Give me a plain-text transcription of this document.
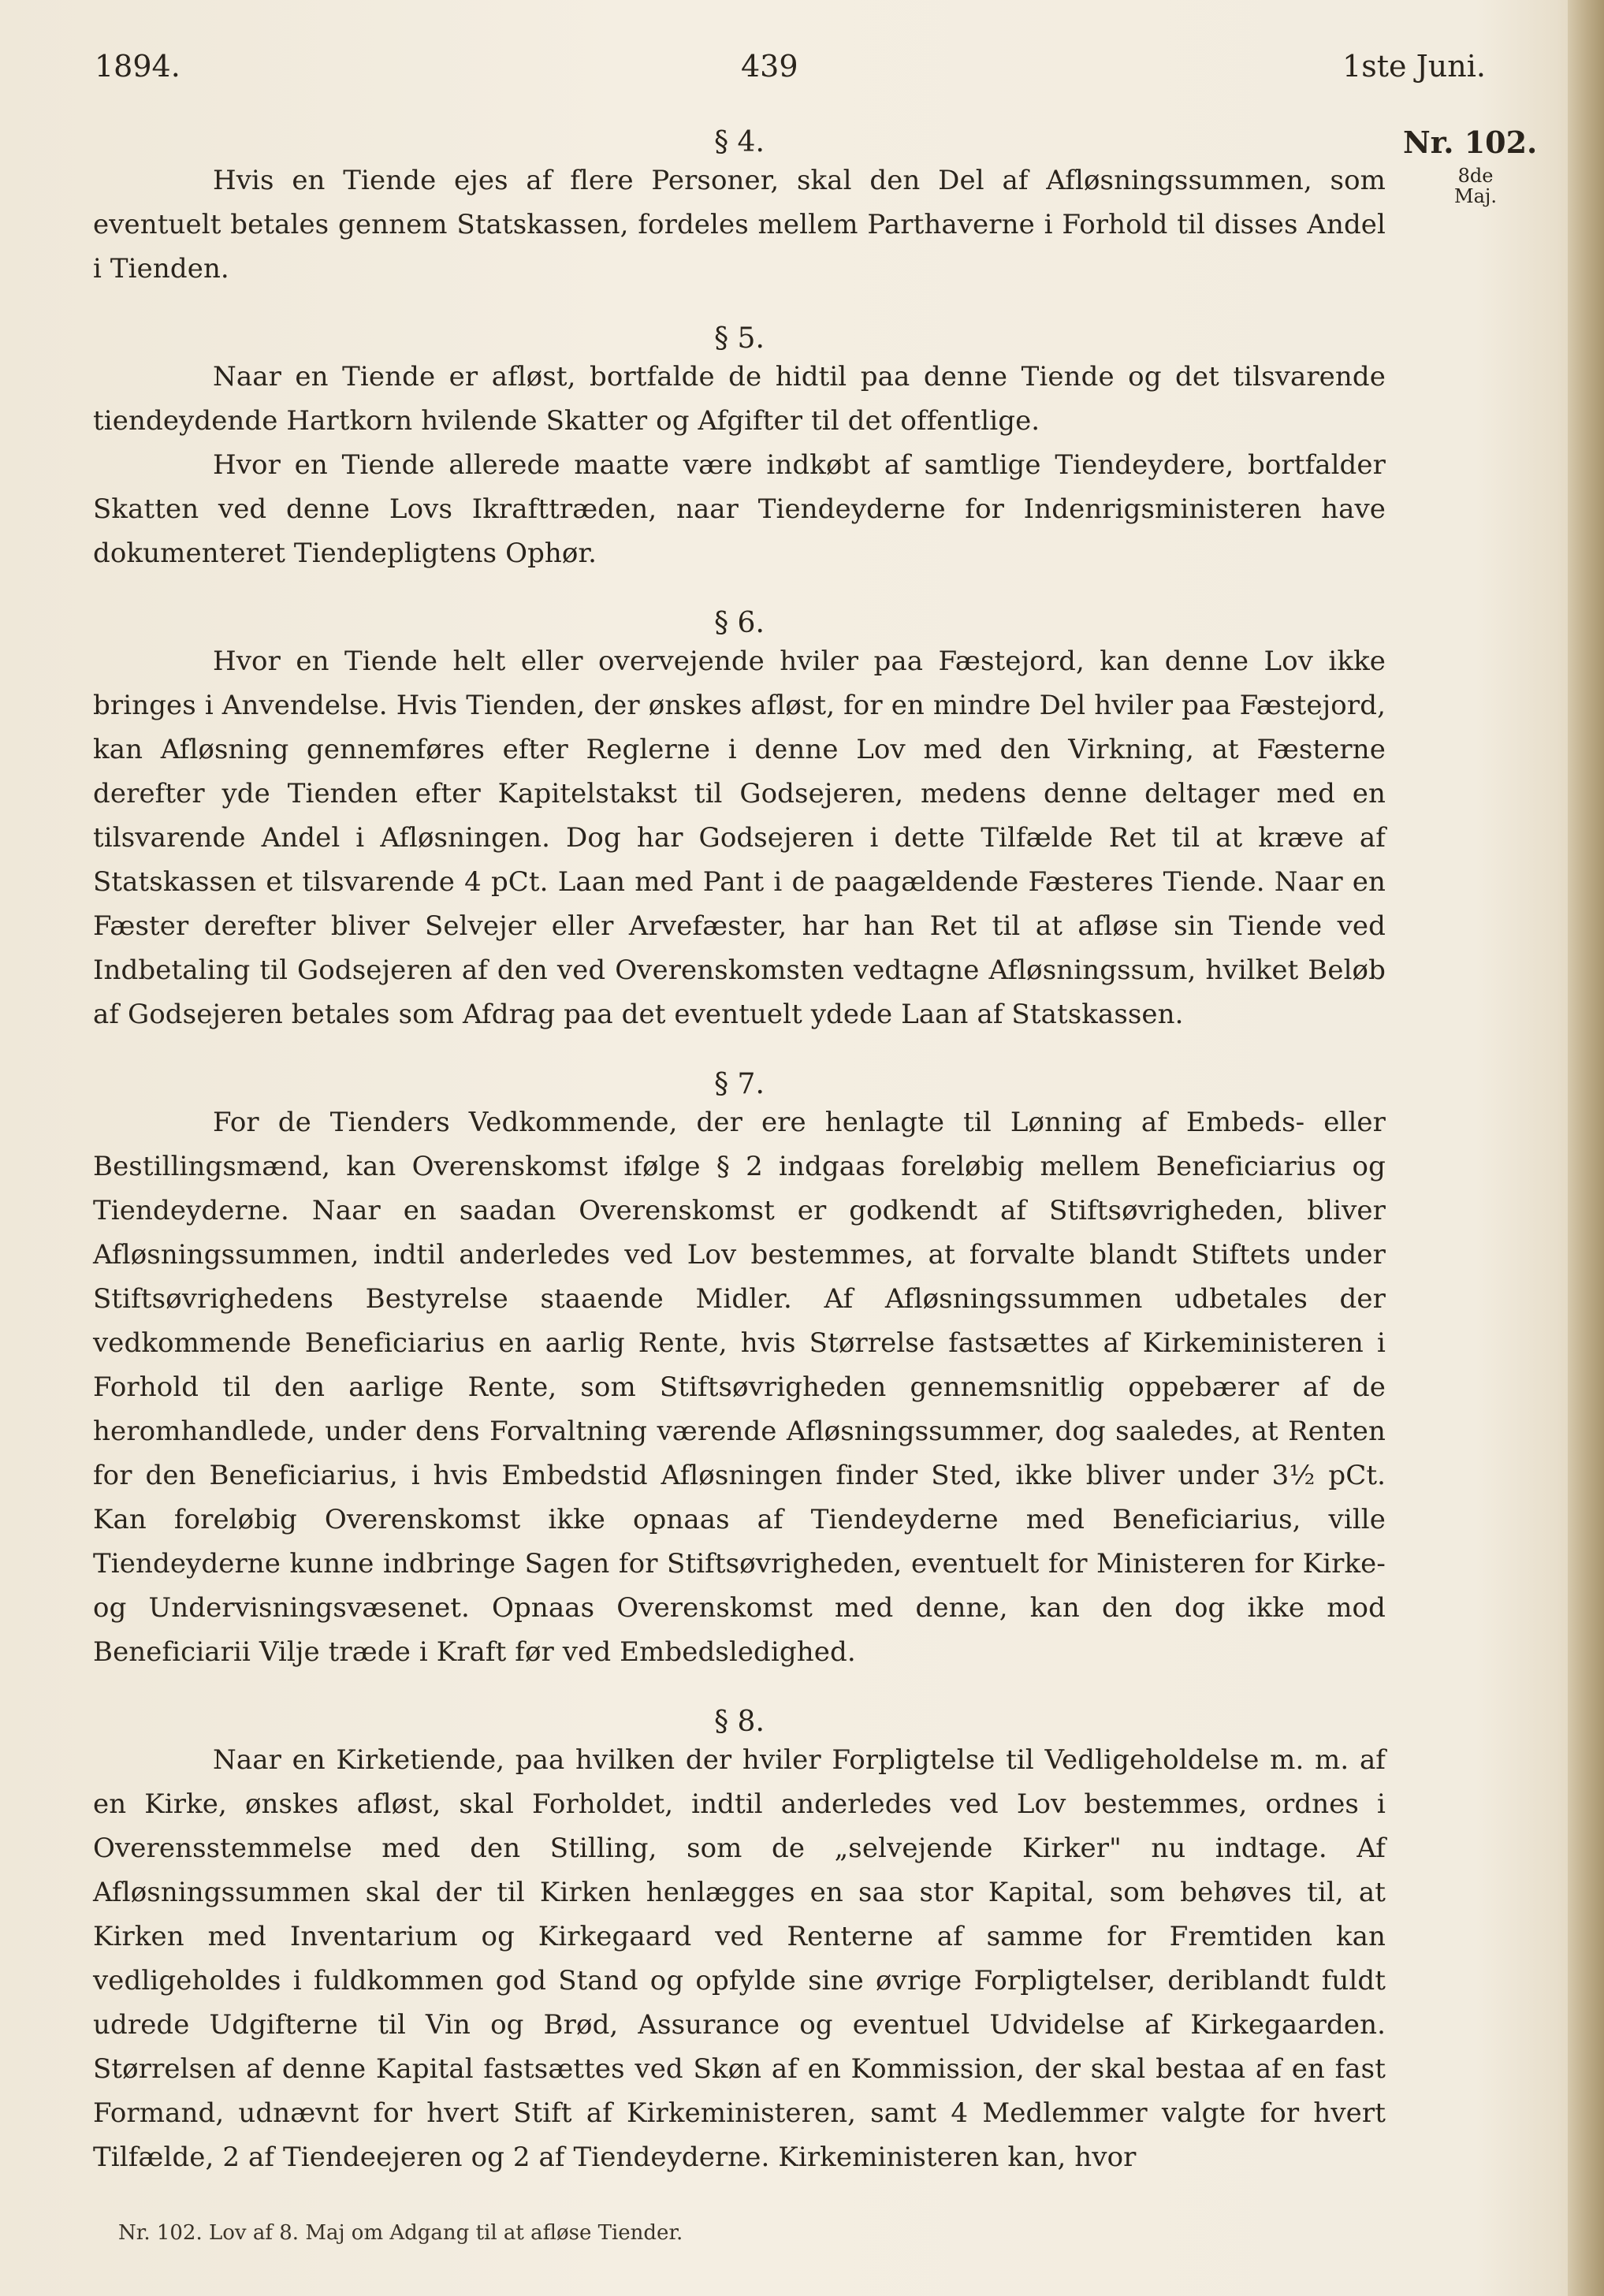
1894.	439	1ste Juni.
Nr. 102.
8de Maj.

§ 4.

Hvis en Tiende ejes af flere Personer, skal den Del af Afløsningssummen, som eventuelt betales gennem Statskassen, fordeles mellem Parthaverne i Forhold til disses Andel i Tienden.

§ 5.

Naar en Tiende er afløst, bortfalde de hidtil paa denne Tiende og det tilsvarende tiendeydende Hartkorn hvilende Skatter og Afgifter til det offentlige.

Hvor en Tiende allerede maatte være indkøbt af samtlige Tiendeydere, bortfalder Skatten ved denne Lovs Ikrafttræden, naar Tiendeyderne for Indenrigsministeren have dokumenteret Tiendepligtens Ophør.

§ 6.

Hvor en Tiende helt eller overvejende hviler paa Fæstejord, kan denne Lov ikke bringes i Anvendelse. Hvis Tienden, der ønskes afløst, for en mindre Del hviler paa Fæstejord, kan Afløsning gennemføres efter Reglerne i denne Lov med den Virkning, at Fæsterne derefter yde Tienden efter Kapitelstakst til Godsejeren, medens denne deltager med en tilsvarende Andel i Afløsningen. Dog har Godsejeren i dette Tilfælde Ret til at kræve af Statskassen et tilsvarende 4 pCt. Laan med Pant i de paagældende Fæsteres Tiende. Naar en Fæster derefter bliver Selvejer eller Arvefæster, har han Ret til at afløse sin Tiende ved Indbetaling til Godsejeren af den ved Overenskomsten vedtagne Afløsningssum, hvilket Beløb af Godsejeren betales som Afdrag paa det eventuelt ydede Laan af Statskassen.

§ 7.

For de Tienders Vedkommende, der ere henlagte til Lønning af Embeds- eller Bestillingsmænd, kan Overenskomst ifølge § 2 indgaas foreløbig mellem Beneficiarius og Tiendeyderne. Naar en saadan Overenskomst er godkendt af Stiftsøvrigheden, bliver Afløsningssummen, indtil anderledes ved Lov bestemmes, at forvalte blandt Stiftets under Stiftsøvrighedens Bestyrelse staaende Midler. Af Afløsningssummen udbetales der vedkommende Beneficiarius en aarlig Rente, hvis Størrelse fastsættes af Kirkeministeren i Forhold til den aarlige Rente, som Stiftsøvrigheden gennemsnitlig oppebærer af de heromhandlede, under dens Forvaltning værende Afløsningssummer, dog saaledes, at Renten for den Beneficiarius, i hvis Embedstid Afløsningen finder Sted, ikke bliver under 3½ pCt. Kan foreløbig Overenskomst ikke opnaas af Tiendeyderne med Beneficiarius, ville Tiendeyderne kunne indbringe Sagen for Stiftsøvrigheden, eventuelt for Ministeren for Kirke- og Undervisningsvæsenet. Opnaas Overenskomst med denne, kan den dog ikke mod Beneficiarii Vilje træde i Kraft før ved Embedsledighed.

§ 8.

Naar en Kirketiende, paa hvilken der hviler Forpligtelse til Vedligeholdelse m. m. af en Kirke, ønskes afløst, skal Forholdet, indtil anderledes ved Lov bestemmes, ordnes i Overensstemmelse med den Stilling, som de „selvejende Kirker" nu indtage. Af Afløsningssummen skal der til Kirken henlægges en saa stor Kapital, som behøves til, at Kirken med Inventarium og Kirkegaard ved Renterne af samme for Fremtiden kan vedligeholdes i fuldkommen god Stand og opfylde sine øvrige Forpligtelser, deriblandt fuldt udrede Udgifterne til Vin og Brød, Assurance og eventuel Udvidelse af Kirkegaarden. Størrelsen af denne Kapital fastsættes ved Skøn af en Kommission, der skal bestaa af en fast Formand, udnævnt for hvert Stift af Kirkeministeren, samt 4 Medlemmer valgte for hvert Tilfælde, 2 af Tiendeejeren og 2 af Tiendeyderne. Kirkeministeren kan, hvor

Nr. 102. Lov af 8. Maj om Adgang til at afløse Tiender.
